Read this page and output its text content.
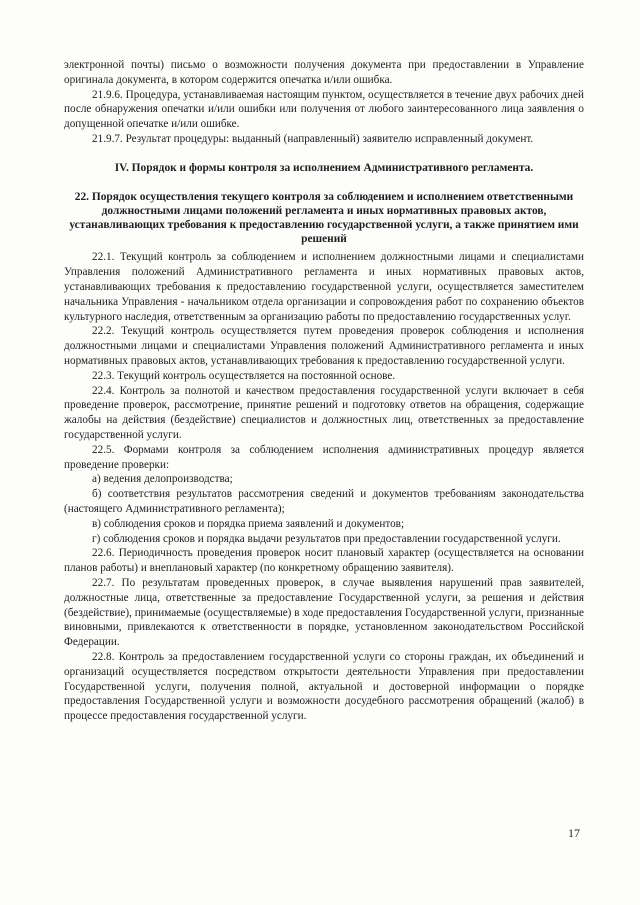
электронной почты) письмо о возможности получения документа при предоставлении в Управление оригинала документа, в котором содержится опечатка и/или ошибка.

21.9.6. Процедура, устанавливаемая настоящим пунктом, осуществляется в течение двух рабочих дней после обнаружения опечатки и/или ошибки или получения от любого заинтересованного лица заявления о допущенной опечатке и/или ошибке.

21.9.7. Результат процедуры: выданный (направленный) заявителю исправленный документ.

IV. Порядок и формы контроля за исполнением Административного регламента.
22. Порядок осуществления текущего контроля за соблюдением и исполнением ответственными должностными лицами положений регламента и иных нормативных правовых актов, устанавливающих требования к предоставлению государственной услуги, а также принятием ими решений

22.1. Текущий контроль за соблюдением и исполнением должностными лицами и специалистами Управления положений Административного регламента и иных нормативных правовых актов, устанавливающих требования к предоставлению государственной услуги, осуществляется заместителем начальника Управления - начальником отдела организации и сопровождения работ по сохранению объектов культурного наследия, ответственным за организацию работы по предоставлению государственных услуг.

22.2. Текущий контроль осуществляется путем проведения проверок соблюдения и исполнения должностными лицами и специалистами Управления положений Административного регламента и иных нормативных правовых актов, устанавливающих требования к предоставлению государственной услуги.

22.3. Текущий контроль осуществляется на постоянной основе.

22.4. Контроль за полнотой и качеством предоставления государственной услуги включает в себя проведение проверок, рассмотрение, принятие решений и подготовку ответов на обращения, содержащие жалобы на действия (бездействие) специалистов и должностных лиц, ответственных за предоставление государственной услуги.

22.5. Формами контроля за соблюдением исполнения административных процедур является проведение проверки:

а) ведения делопроизводства;

б) соответствия результатов рассмотрения сведений и документов требованиям законодательства (настоящего Административного регламента);

в) соблюдения сроков и порядка приема заявлений и документов;

г) соблюдения сроков и порядка выдачи результатов при предоставлении государственной услуги.

22.6. Периодичность проведения проверок носит плановый характер (осуществляется на основании планов работы) и внеплановый характер (по конкретному обращению заявителя).

22.7. По результатам проведенных проверок, в случае выявления нарушений прав заявителей, должностные лица, ответственные за предоставление Государственной услуги, за решения и действия (бездействие), принимаемые (осуществляемые) в ходе предоставления Государственной услуги, признанные виновными, привлекаются к ответственности в порядке, установленном законодательством Российской Федерации.

22.8. Контроль за предоставлением государственной услуги со стороны граждан, их объединений и организаций осуществляется посредством открытости деятельности Управления при предоставлении Государственной услуги, получения полной, актуальной и достоверной информации о порядке предоставления Государственной услуги и возможности досудебного рассмотрения обращений (жалоб) в процессе предоставления государственной услуги.

17
